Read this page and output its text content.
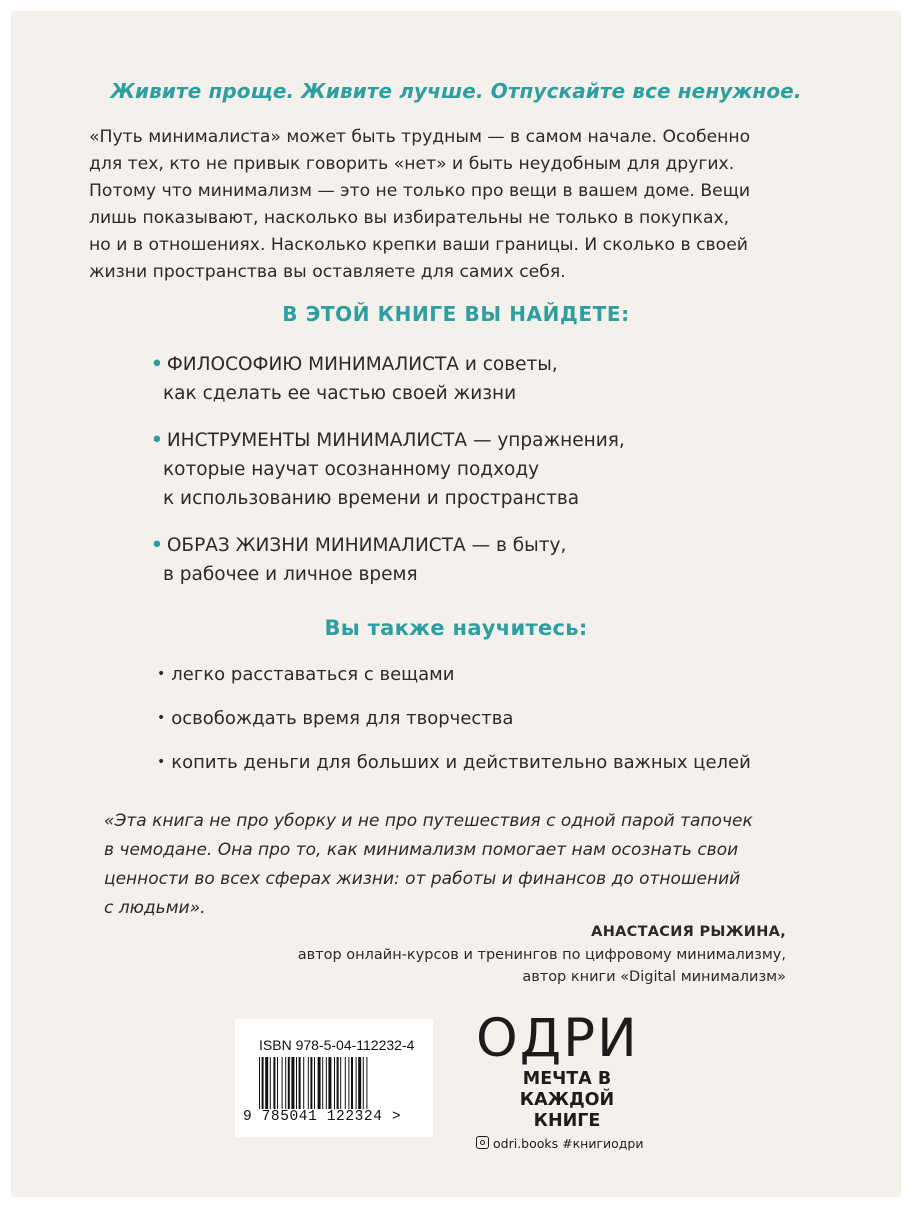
Живите проще. Живите лучше. Отпускайте все ненужное.
«Путь минималиста» может быть трудным — в самом начале. Особенно
для тех, кто не привык говорить «нет» и быть неудобным для других.
Потому что минимализм — это не только про вещи в вашем доме. Вещи
лишь показывают, насколько вы избирательны не только в покупках,
но и в отношениях. Насколько крепки ваши границы. И сколько в своей
жизни пространства вы оставляете для самих себя.
В ЭТОЙ КНИГЕ ВЫ НАЙДЕТЕ:
• ФИЛОСОФИЮ МИНИМАЛИСТА и советы,
как сделать ее частью своей жизни
• ИНСТРУМЕНТЫ МИНИМАЛИСТА — упражнения,
которые научат осознанному подходу
к использованию времени и пространства
• ОБРАЗ ЖИЗНИ МИНИМАЛИСТА — в быту,
в рабочее и личное время
Вы также научитесь:
• легко расставаться с вещами
• освобождать время для творчества
• копить деньги для больших и действительно важных целей
«Эта книга не про уборку и не про путешествия с одной парой тапочек
в чемодане. Она про то, как минимализм помогает нам осознать свои
ценности во всех сферах жизни: от работы и финансов до отношений
с людьми».
АНАСТАСИЯ РЫЖИНА,
автор онлайн-курсов и тренингов по цифровому минимализму,
автор книги «Digital минимализм»
ISBN 978-5-04-112232-4
9 785041 122324 >
ОДРИ
МЕЧТА В КАЖДОЙ
КНИГЕ
odri.books #книгиодри
